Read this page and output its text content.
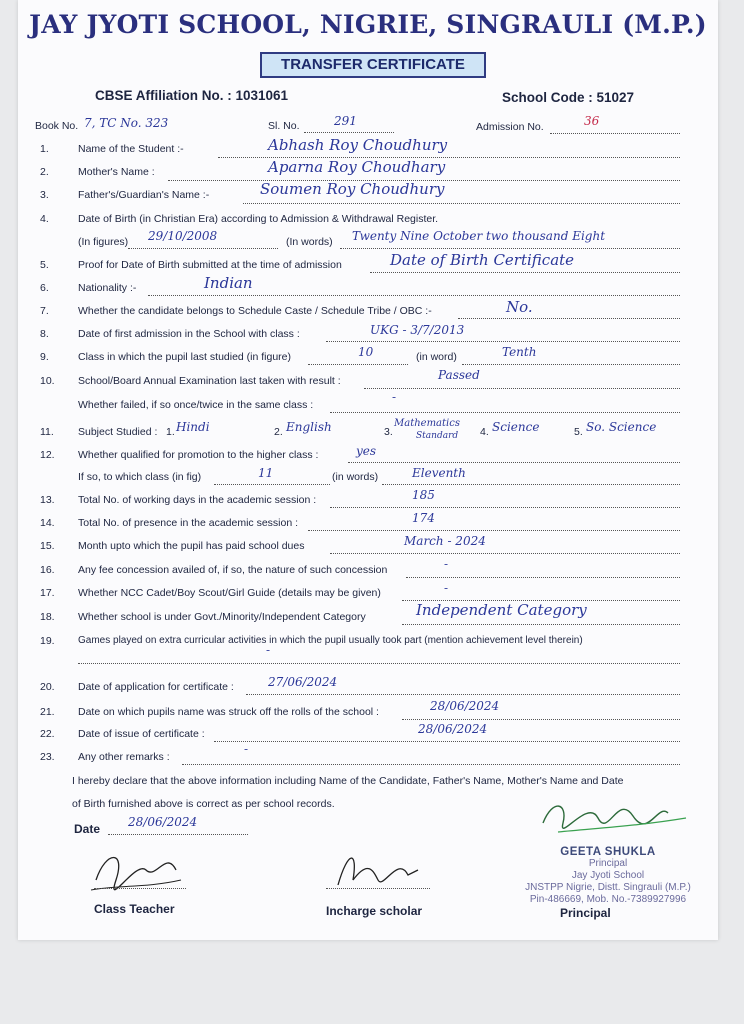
JAY JYOTI SCHOOL, NIGRIE, SINGRAULI (M.P.)
TRANSFER CERTIFICATE
CBSE Affiliation No. : 1031061	School Code : 51027
Book No. 7, TC No. 323	Sl. No.	291	Admission No.	36
1.	Name of the Student :-	Abhash Roy Choudhury
2.	Mother's Name :	Aparna Roy Choudhary
3.	Father's/Guardian's Name :-	Soumen Roy Choudhury
4.	Date of Birth (in Christian Era) according to Admission & Withdrawal Register.
(In figures) 29/10/2008	(In words) Twenty Nine October two thousand Eight
5.	Proof for Date of Birth submitted at the time of admission	Date of Birth Certificate
6.	Nationality :-	Indian
7.	Whether the candidate belongs to Schedule Caste / Schedule Tribe / OBC :-	No.
8.	Date of first admission in the School with class :	UKG - 3/7/2013
9.	Class in which the pupil last studied (in figure)	10	(in word)	Tenth
10. School/Board Annual Examination last taken with result :	Passed
Whether failed, if so once/twice in the same class :
-
11. Subject Studied : 1. Hindi	2. English	3.
Mathematics
Standard 4. Science	5. So. Science
12. Whether qualified for promotion to the higher class :	yes
If so, to which class (in fig)	11	(in words)	Eleventh
13. Total No. of working days in the academic session :	185
14. Total No. of presence in the academic session :	174
15. Month upto which the pupil has paid school dues	March - 2024
16. Any fee concession availed of, if so, the nature of such concession	-
17. Whether NCC Cadet/Boy Scout/Girl Guide (details may be given)	-
18. Whether school is under Govt./Minority/Independent Category	Independent Category
19. Games played on extra curricular activities in which the pupil usually took part (mention achievement level therein)
-
20. Date of application for certificate :	27/06/2024
21. Date on which pupils name was struck off the rolls of the school :	28/06/2024
22. Date of issue of certificate :	28/06/2024
23. Any other remarks :
-
I hereby declare that the above information including Name of the Candidate, Father's Name, Mother's Name and Date
of Birth furnished above is correct as per school records.
Date 28/06/2024
Class Teacher	Incharge scholar
GEETA SHUKLA
Principal
Jay Jyoti School
JNSTPP Nigrie, Distt. Singrauli (M.P.)
Pin-486669, Mob. No.-7389927996
Principal
